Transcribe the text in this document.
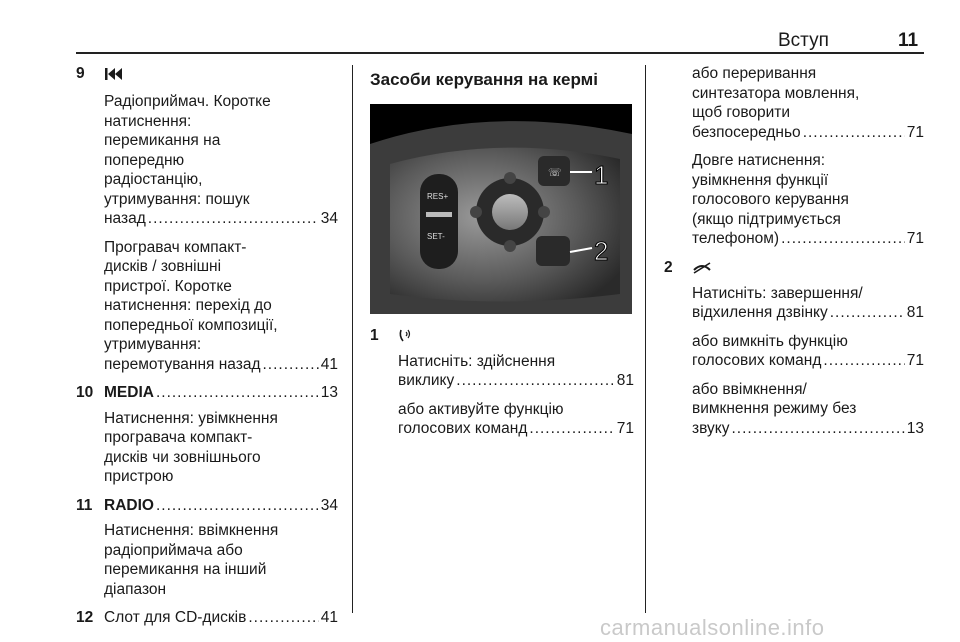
Вступ	11
9
Радіоприймач. Коротке
натиснення:
перемикання на
попередню
радіостанцію,
утримування: пошук
назад .....	34
Програвач компакт-
дисків / зовнішні
пристрої. Коротке
натиснення: перехід до
попередньої композиції,
утримування:
перемотування назад .....	41
10 MEDIA .....	13
Натиснення: увімкнення
програвача компакт-
дисків чи зовнішнього
пристрою
11 RADIO .....	34
Натиснення: ввімкнення
радіоприймача або
перемикання на інший
діапазон
12 Слот для CD-дисків .....	41
Засоби керування на кермі
RES+
SET-
☏ 1
2
1
Натисніть: здійснення
виклику .....	81
або активуйте функцію
голосових команд .....	71
або переривання
синтезатора мовлення,
щоб говорити
безпосередньо .....	71
Довге натиснення:
увімкнення функції
голосового керування
(якщо підтримується
телефоном) .....	71
2
Натисніть: завершення/
відхилення дзвінку .....	81
або вимкніть функцію
голосових команд .....	71
або ввімкнення/
вимкнення режиму без
звуку .....	13
carmanualsonline.info
